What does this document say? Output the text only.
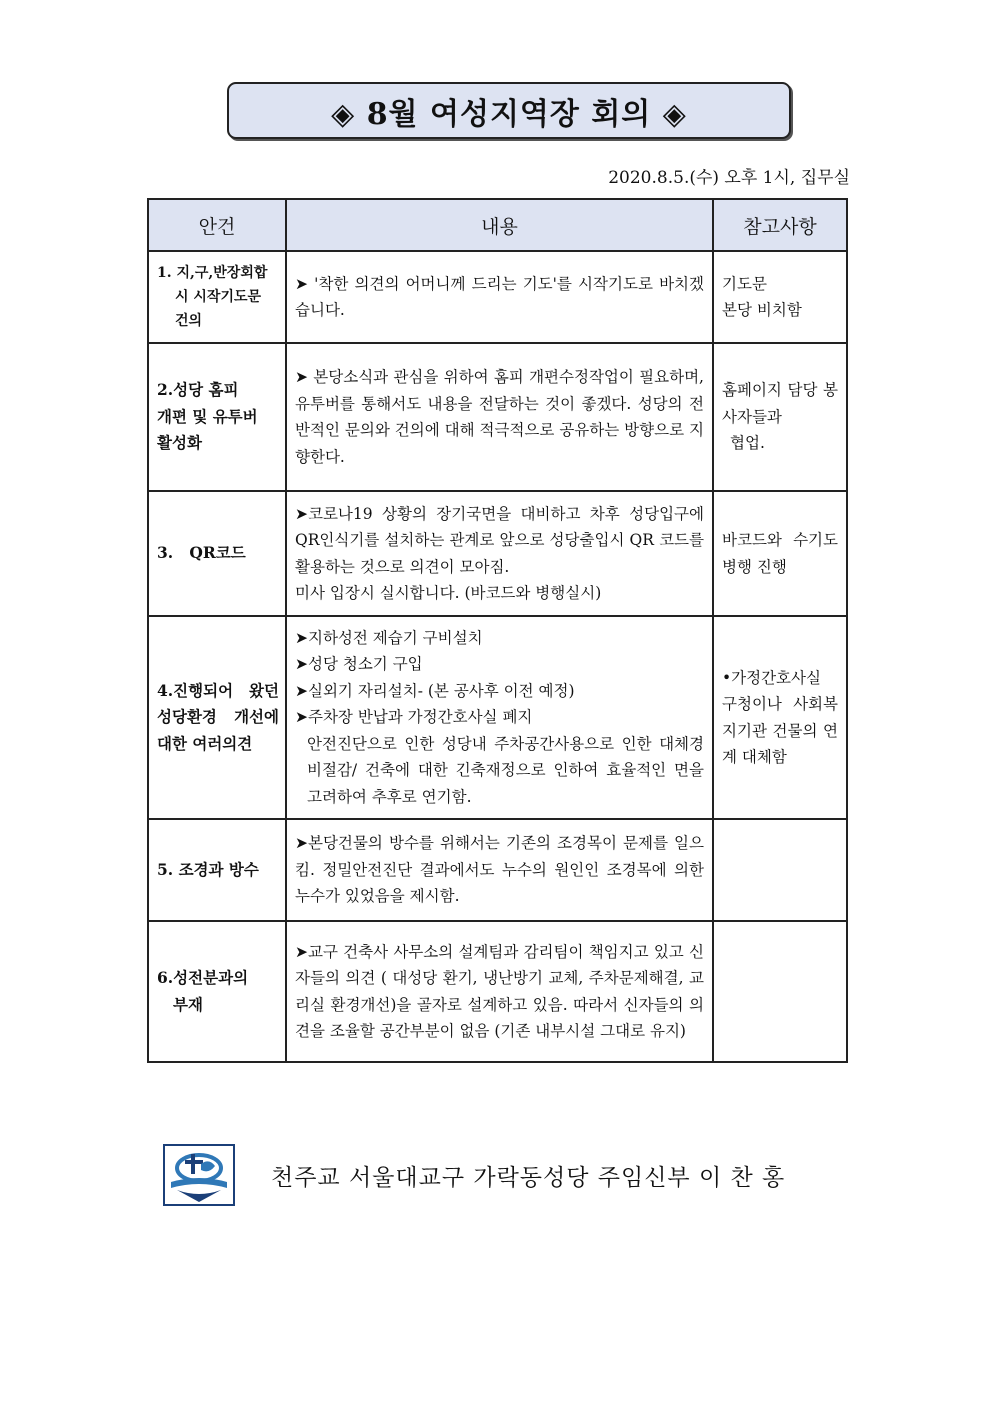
◈ 8월 여성지역장 회의 ◈
2020.8.5.(수) 오후 1시, 집무실
안건	내용	참고사항

1. 지,구,반장회합
시 시작기도문
건의	➤ '착한 의견의 어머니께 드리는 기도'를 시작기도로 바치겠습니다.	기도문
본당 비치함

2.성당 홈피
개편 및 유투버
활성화	➤ 본당소식과 관심을 위하여 홈피 개편수정작업이 필요하며, 유투버를 통해서도 내용을 전달하는 것이 좋겠다. 성당의 전반적인 문의와 건의에 대해 적극적으로 공유하는 방향으로 지향한다.	홈페이지 담당 봉사자들과
협업.

3.   QR코드	➤코로나19 상황의 장기국면을 대비하고 차후 성당입구에 QR인식기를 설치하는 관계로 앞으로 성당출입시 QR 코드를 활용하는 것으로 의견이 모아짐.
미사 입장시 실시합니다. (바코드와 병행실시)	바코드와 수기도 병행 진행

4.진행되어 왔던 성당환경 개선에 대한 여러의견	➤지하성전 제습기 구비설치
➤성당 청소기 구입
➤실외기 자리설치- (본 공사후 이전 예정)
➤주차장 반납과 가정간호사실 폐지
안전진단으로 인한 성당내 주차공간사용으로 인한 대체경비절감/ 건축에 대한 긴축재정으로 인하여 효율적인 면을 고려하여 추후로 연기함.	•가정간호사실 구청이나 사회복지기관 건물의 연계 대체함

5. 조경과 방수	➤본당건물의 방수를 위해서는 기존의 조경목이 문제를 일으킴. 정밀안전진단 결과에서도 누수의 원인인 조경목에 의한 누수가 있었음을 제시함.	

6.성전분과의
부재	➤교구 건축사 사무소의 설계팀과 감리팀이 책임지고 있고 신자들의 의견 ( 대성당 환기, 냉난방기 교체, 주차문제해결, 교리실 환경개선)을 골자로 설계하고 있음. 따라서 신자들의 의견을 조율할 공간부분이 없음 (기존 내부시설 그대로 유지)	

천주교 서울대교구 가락동성당 주임신부 이 찬 홍
